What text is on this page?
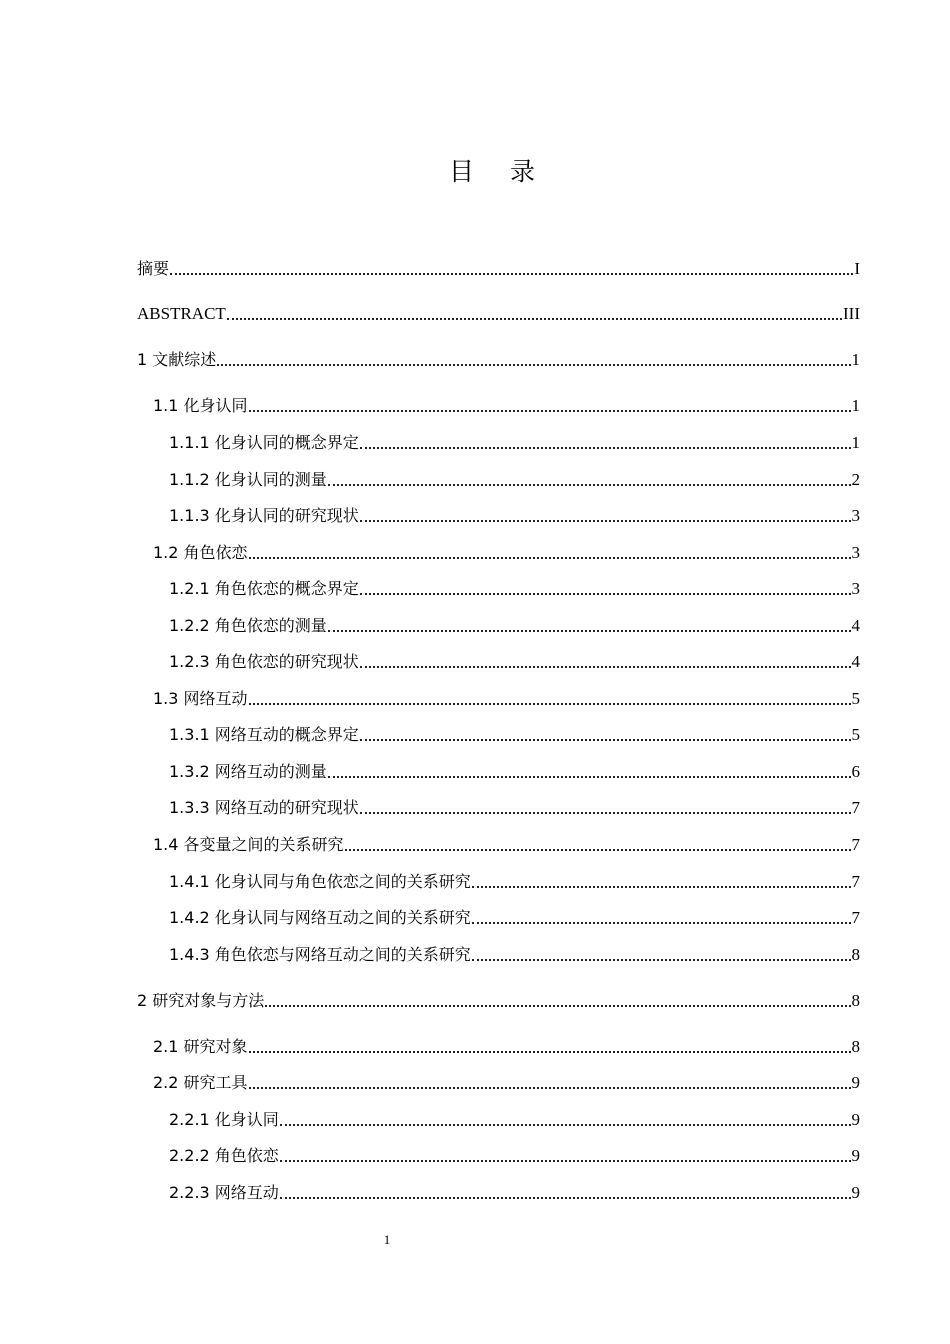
目 录
摘要	I
ABSTRACT	III
1 文献综述	1
1.1 化身认同	1
1.1.1 化身认同的概念界定	1
1.1.2 化身认同的测量	2
1.1.3 化身认同的研究现状	3
1.2 角色依恋	3
1.2.1 角色依恋的概念界定	3
1.2.2 角色依恋的测量	4
1.2.3 角色依恋的研究现状	4
1.3 网络互动	5
1.3.1 网络互动的概念界定	5
1.3.2 网络互动的测量	6
1.3.3 网络互动的研究现状	7
1.4 各变量之间的关系研究	7
1.4.1 化身认同与角色依恋之间的关系研究	7
1.4.2 化身认同与网络互动之间的关系研究	7
1.4.3 角色依恋与网络互动之间的关系研究	8
2 研究对象与方法	8
2.1 研究对象	8
2.2 研究工具	9
2.2.1 化身认同	9
2.2.2 角色依恋	9
2.2.3 网络互动	9
1
